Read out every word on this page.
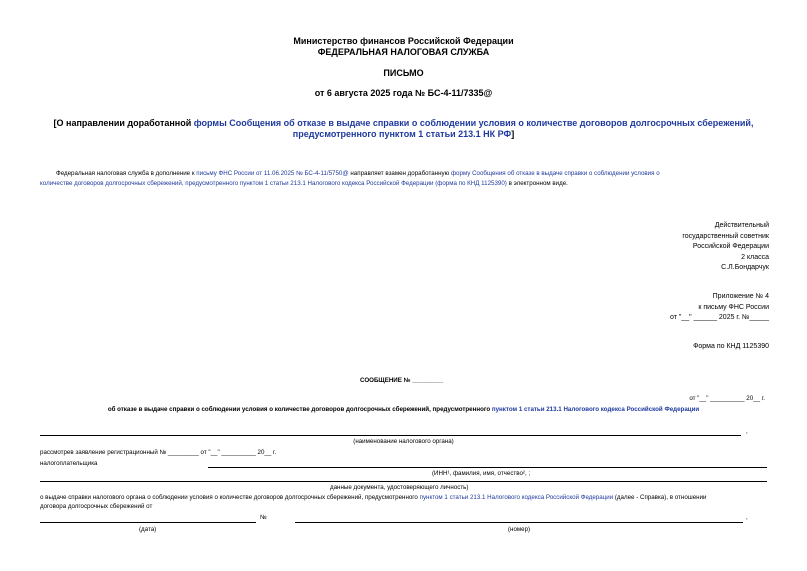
Министерство финансов Российской Федерации
ФЕДЕРАЛЬНАЯ НАЛОГОВАЯ СЛУЖБА
ПИСЬМО
от 6 августа 2025 года № БС-4-11/7335@
[О направлении доработанной формы Сообщения об отказе в выдаче справки о соблюдении условия о количестве договоров долгосрочных сбережений,
предусмотренного пунктом 1 статьи 213.1 НК РФ]
Федеральная налоговая служба в дополнение к письму ФНС России от 11.06.2025 № БС-4-11/5750@ направляет взамен доработанную форму Сообщения об отказе в выдаче справки о соблюдении условия о
количестве договоров долгосрочных сбережений, предусмотренного пунктом 1 статьи 213.1 Налогового кодекса Российской Федерации (форма по КНД 1125390) в электронном виде.
Действительный
государственный советник
Российской Федерации
2 класса
С.Л.Бондарчук
Приложение № 4
к письму ФНС России
от "__" ______ 2025 г. №_____
Форма по КНД 1125390
СООБЩЕНИЕ № _________
от "__" __________ 20__ г.
об отказе в выдаче справки о соблюдении условия о количестве договоров долгосрочных сбережений, предусмотренного пунктом 1 статьи 213.1 Налогового кодекса Российской Федерации
,
(наименование налогового органа)
рассмотрев заявление регистрационный № _________ от "__" __________ 20__ г.
налогоплательщика
(ИНН¹, фамилия, имя, отчество², ;
данные документа, удостоверяющего личность)
о выдаче справки налогового органа о соблюдении условия о количестве договоров долгосрочных сбережений, предусмотренного пунктом 1 статьи 213.1 Налогового кодекса Российской Федерации (далее - Справка), в отношении
договора долгосрочных сбережений от
№	,
(дата)	(номер)
